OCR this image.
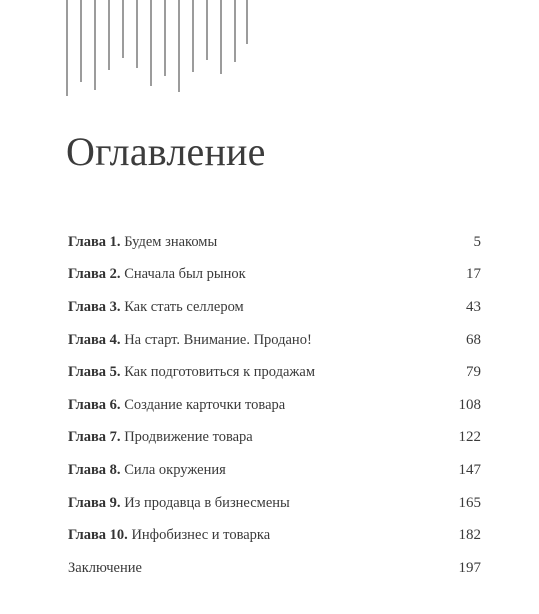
Оглавление
Глава 1. Будем знакомы	5
Глава 2. Сначала был рынок	17
Глава 3. Как стать селлером	43
Глава 4. На старт. Внимание. Продано!	68
Глава 5. Как подготовиться к продажам	79
Глава 6. Создание карточки товара	108
Глава 7. Продвижение товара	122
Глава 8. Сила окружения	147
Глава 9. Из продавца в бизнесмены	165
Глава 10. Инфобизнес и товарка	182
Заключение	197
